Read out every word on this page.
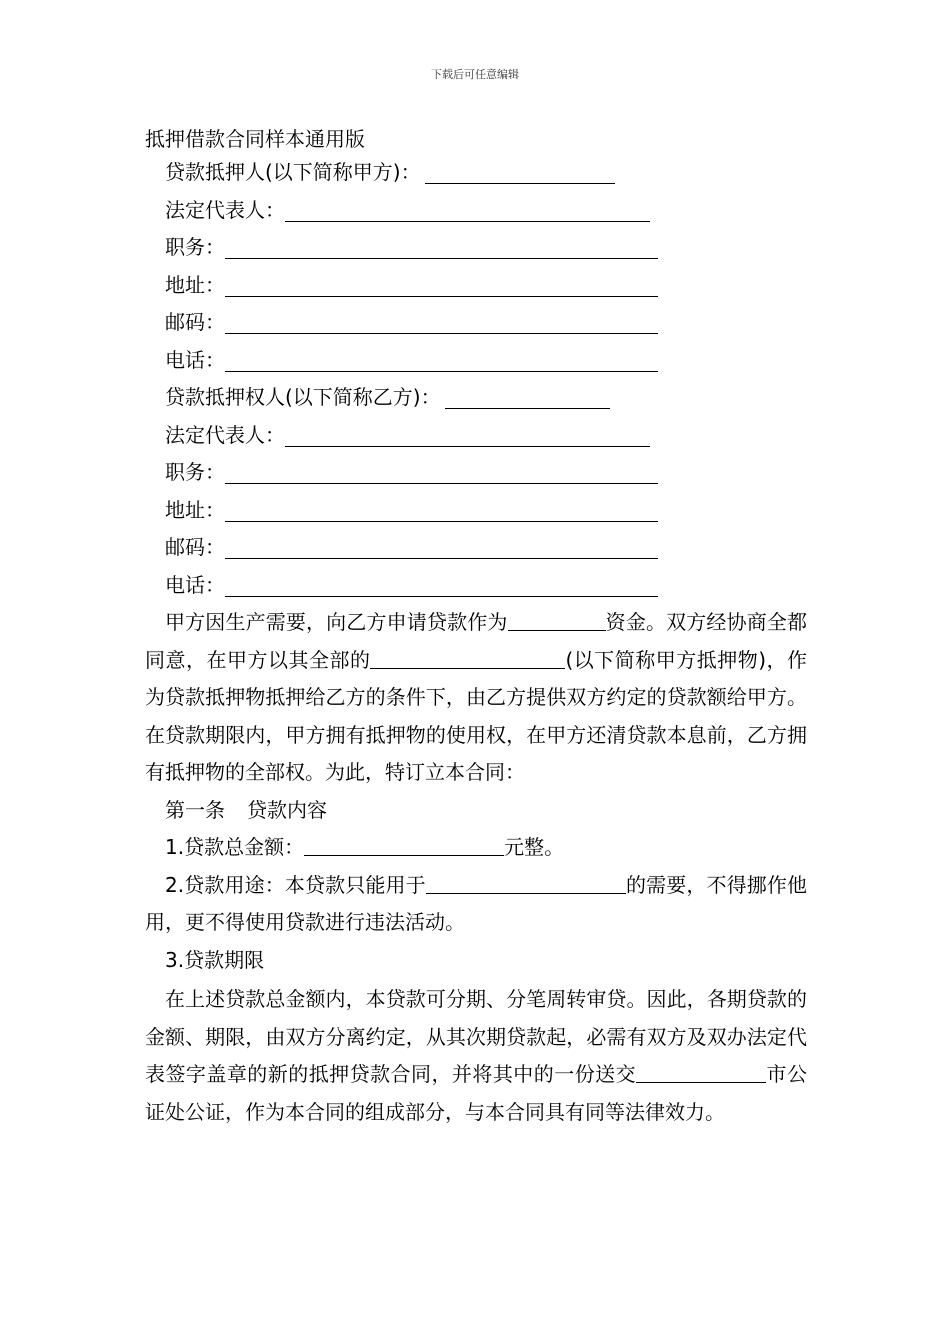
下载后可任意编辑
抵押借款合同样本通用版
贷款抵押人(以下简称甲方)：
法定代表人：
职务：
地址：
邮码：
电话：
贷款抵押权人(以下简称乙方)：
法定代表人：
职务：
地址：
邮码：
电话：

甲方因生产需要，向乙方申请贷款作为	资金。双方经协商全都同意，在甲方以其全部的	(以下简称甲方抵押物)，作为贷款抵押物抵押给乙方的条件下，由乙方提供双方约定的贷款额给甲方。在贷款期限内，甲方拥有抵押物的使用权，在甲方还清贷款本息前，乙方拥有抵押物的全部权。为此，特订立本合同：

第一条 贷款内容
1.贷款总金额：	元整。

2.贷款用途：本贷款只能用于	的需要，不得挪作他用，更不得使用贷款进行违法活动。

3.贷款期限

在上述贷款总金额内，本贷款可分期、分笔周转审贷。因此，各期贷款的金额、期限，由双方分离约定，从其次期贷款起，必需有双方及双办法定代表签字盖章的新的抵押贷款合同，并将其中的一份送交	市公证处公证，作为本合同的组成部分，与本合同具有同等法律效力。
